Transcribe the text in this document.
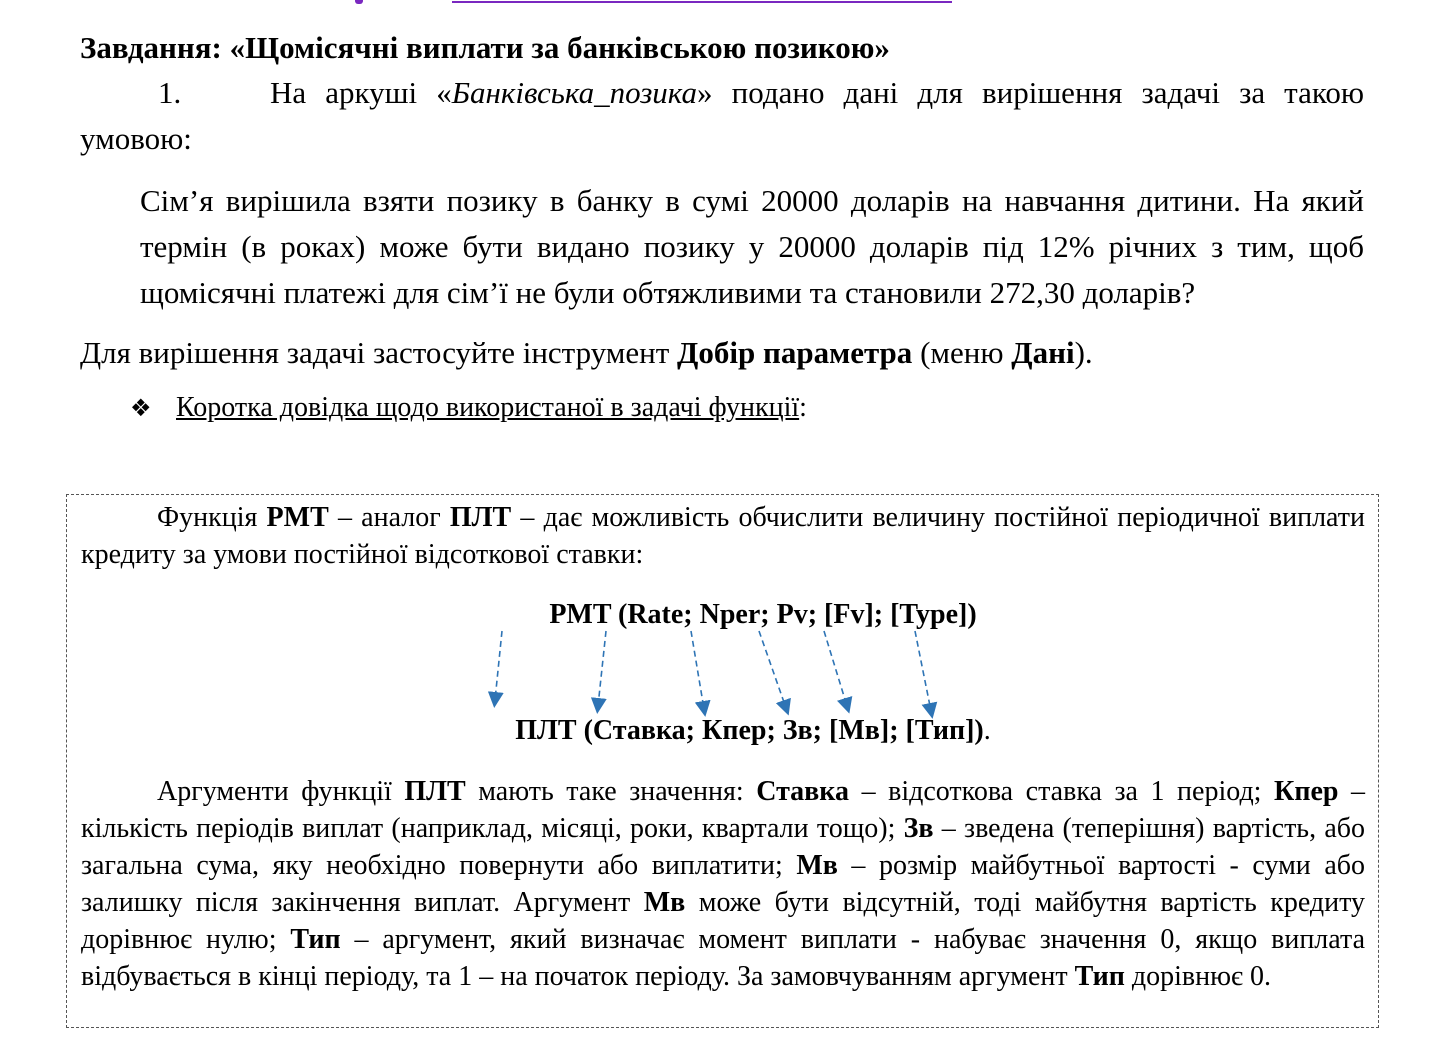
Завдання: «Щомісячні виплати за банківською позикою»

1.	На аркуші «Банківська_позика» подано дані для вирішення задачі за такою умовою:

Сім’я вирішила взяти позику в банку в сумі 20000 доларів на навчання дитини. На який термін (в роках) може бути видано позику у 20000 доларів під 12% річних з тим, щоб щомісячні платежі для сім’ї не були обтяжливими та становили 272,30 доларів?

Для вирішення задачі застосуйте інструмент Добір параметра (меню Дані).

❖ Коротка довідка щодо використаної в задачі функції:

Функція PMT – аналог ПЛТ – дає можливість обчислити величину постійної періодичної виплати кредиту за умови постійної відсоткової ставки:

PMT (Rate; Nper; Pv; [Fv]; [Type])
ПЛТ (Ставка; Кпер; Зв; [Мв]; [Тип]).

Аргументи функції ПЛТ мають таке значення: Ставка – відсоткова ставка за 1 період; Кпер – кількість періодів виплат (наприклад, місяці, роки, квартали тощо); Зв – зведена (теперішня) вартість, або загальна сума, яку необхідно повернути або виплатити; Мв – розмір майбутньої вартості - суми або залишку після закінчення виплат. Аргумент Мв може бути відсутній, тоді майбутня вартість кредиту дорівнює нулю; Тип – аргумент, який визначає момент виплати - набуває значення 0, якщо виплата відбувається в кінці періоду, та 1 – на початок періоду. За замовчуванням аргумент Тип дорівнює 0.
